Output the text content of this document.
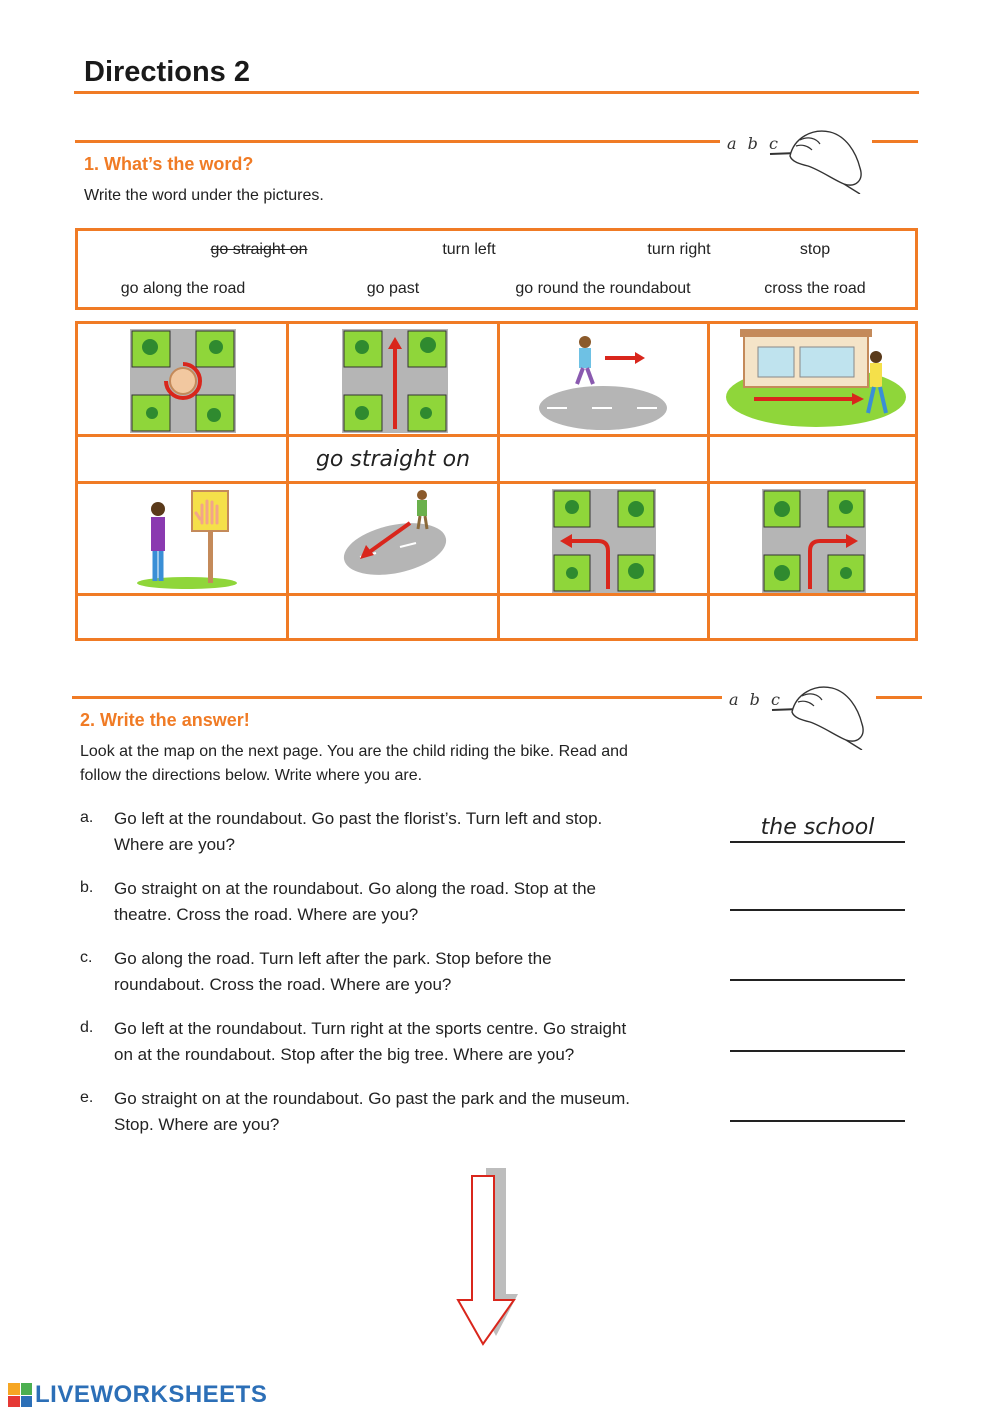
Directions 2
a b c
1. What’s the word?
Write the word under the pictures.
go straight on	turn left	turn right	stop
go along the road	go past	go round the roundabout	cross the road
go straight on
a b c
2. Write the answer!
Look at the map on the next page. You are the child riding the bike. Read and
follow the directions below. Write where you are.
a. Go left at the roundabout. Go past the florist’s. Turn left and stop.
Where are you?
the school
b. Go straight on at the roundabout. Go along the road. Stop at the
theatre. Cross the road. Where are you?
c. Go along the road. Turn left after the park. Stop before the
roundabout. Cross the road. Where are you?
d. Go left at the roundabout. Turn right at the sports centre. Go straight
on at the roundabout. Stop after the big tree. Where are you?
e. Go straight on at the roundabout. Go past the park and the museum.
Stop. Where are you?
LIVEWORKSHEETS
